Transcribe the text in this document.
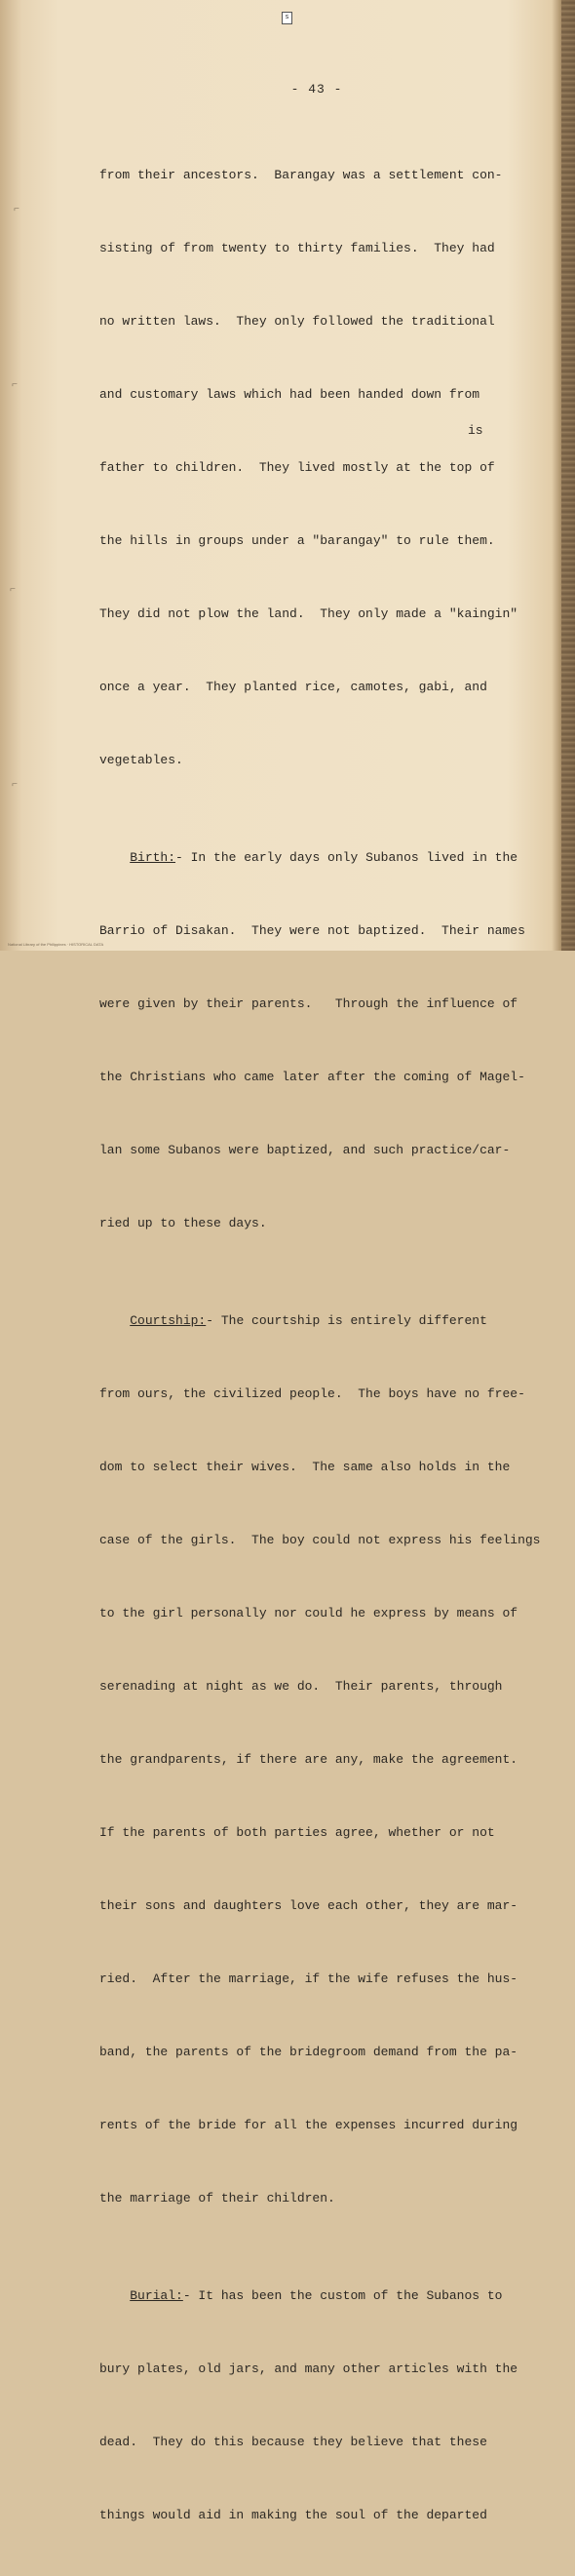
s
- 43 -
⌐
⌐
⌐
⌐

from their ancestors.  Barangay was a settlement con-

sisting of from twenty to thirty families.  They had

no written laws.  They only followed the traditional

and customary laws which had been handed down from

father to children.  They lived mostly at the top of

the hills in groups under a "barangay" to rule them.

They did not plow the land.  They only made a "kaingin"

once a year.  They planted rice, camotes, gabi, and

vegetables.

Birth:- In the early days only Subanos lived in the

Barrio of Disakan.  They were not baptized.  Their names

were given by their parents.   Through the influence of

the Christians who came later after the coming of Magel-

lan some Subanos were baptized, and such practice/car-

ried up to these days.

Courtship:- The courtship is entirely different

from ours, the civilized people.  The boys have no free-

dom to select their wives.  The same also holds in the

case of the girls.  The boy could not express his feelings

to the girl personally nor could he express by means of

serenading at night as we do.  Their parents, through

the grandparents, if there are any, make the agreement.

If the parents of both parties agree, whether or not

their sons and daughters love each other, they are mar-

ried.  After the marriage, if the wife refuses the hus-

band, the parents of the bridegroom demand from the pa-

rents of the bride for all the expenses incurred during

the marriage of their children.

Burial:- It has been the custom of the Subanos to

bury plates, old jars, and many other articles with the

dead.  They do this because they believe that these

things would aid in making the soul of the departed

is
National Library of the Philippines · HISTORICAL DATA
